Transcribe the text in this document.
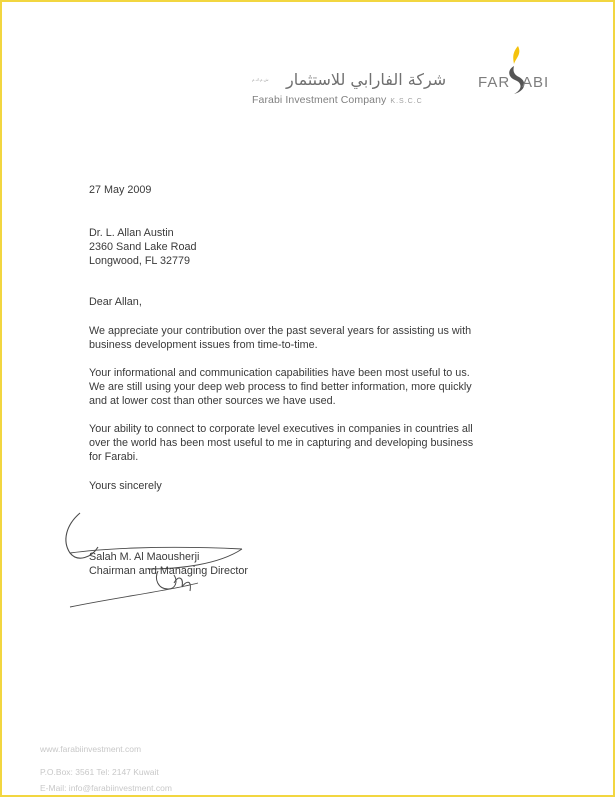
ش.م.ك.م شركة الفارابي للاستثمار
Farabi Investment Company K.S.C.C
FAR ABI
27 May 2009
Dr. L. Allan Austin
2360 Sand Lake Road
Longwood, FL 32779
Dear Allan,
We appreciate your contribution over the past several years for assisting us with
business development issues from time-to-time.
Your informational and communication capabilities have been most useful to us.
We are still using your deep web process to find better information, more quickly
and at lower cost than other sources we have used.
Your ability to connect to corporate level executives in companies in countries all
over the world has been most useful to me in capturing and developing business
for Farabi.
Yours sincerely
Salah M. Al Maousherji
Chairman and Managing Director
www.farabiinvestment.com
P.O.Box: 3561 Tel: 2147 Kuwait
E-Mail: info@farabiinvestment.com
